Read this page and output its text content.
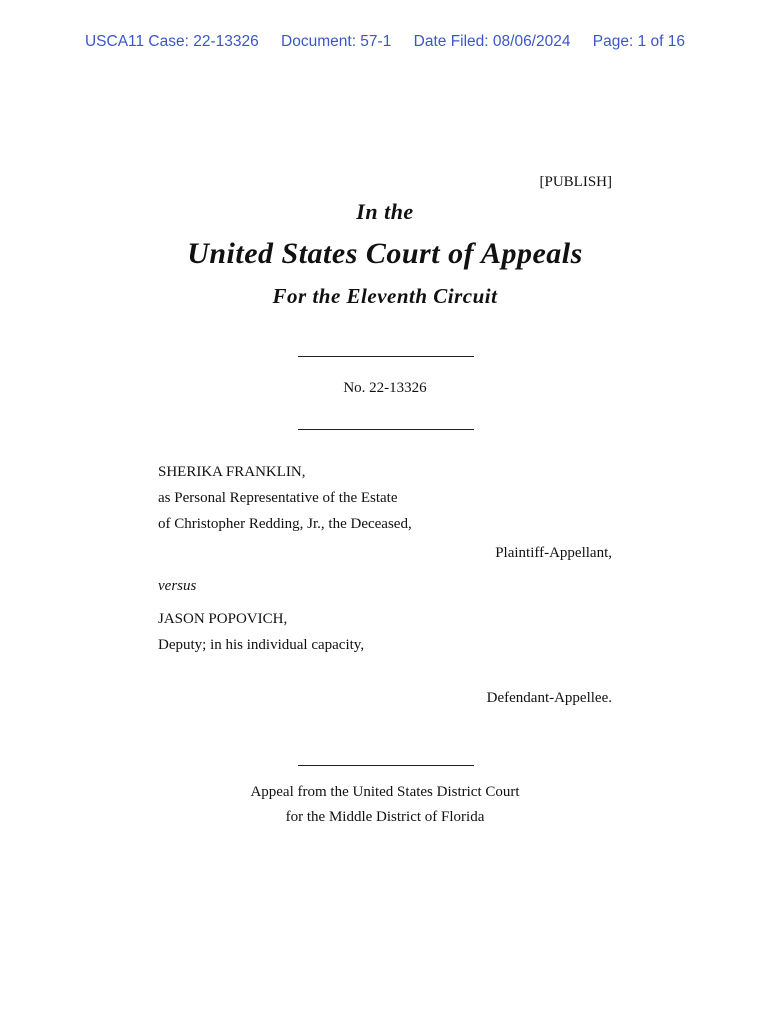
USCA11 Case: 22-13326 Document: 57-1 Date Filed: 08/06/2024 Page: 1 of 16
[PUBLISH]
In the
United States Court of Appeals
For the Eleventh Circuit
No. 22-13326
SHERIKA FRANKLIN,
as Personal Representative of the Estate
of Christopher Redding, Jr., the Deceased,
Plaintiff-Appellant,
versus
JASON POPOVICH,
Deputy; in his individual capacity,
Defendant-Appellee.
Appeal from the United States District Court
for the Middle District of Florida
